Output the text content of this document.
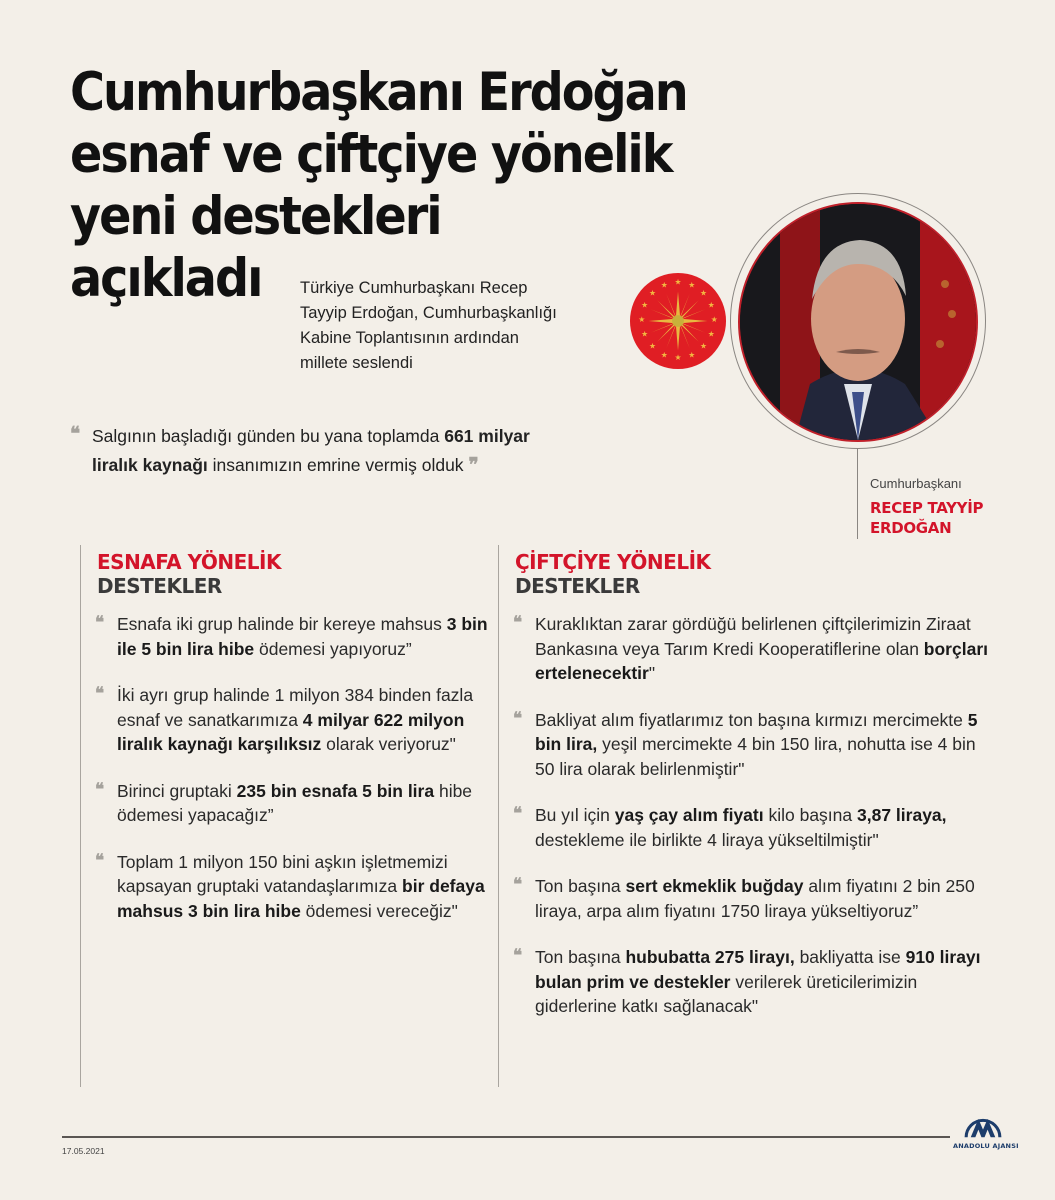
Cumhurbaşkanı Erdoğan
esnaf ve çiftçiye yönelik
yeni destekleri
açıkladı	Türkiye Cumhurbaşkanı Recep
Tayyip Erdoğan, Cumhurbaşkanlığı
Kabine Toplantısının ardından
millete seslendi
★ ★
★
★
★
★
★
★
★
★
★
★
★
★
★
★
Cumhurbaşkanı
RECEP TAYYİP
ERDOĞAN
❝ Salgının başladığı günden bu yana toplamda 661 milyar liralık kaynağı insanımızın emrine vermiş olduk ❞
ESNAFA YÖNELİK
DESTEKLER
❝ Esnafa iki grup halinde bir kereye mahsus 3 bin ile 5 bin lira hibe ödemesi yapıyoruz”
❝ İki ayrı grup halinde 1 milyon 384 binden fazla esnaf ve sanatkarımıza 4 milyar 622 milyon liralık kaynağı karşılıksız olarak veriyoruz"
❝ Birinci gruptaki 235 bin esnafa 5 bin lira hibe ödemesi yapacağız”
❝ Toplam 1 milyon 150 bini aşkın işletmemizi kapsayan gruptaki vatandaşlarımıza bir defaya mahsus 3 bin lira hibe ödemesi vereceğiz"
ÇİFTÇİYE YÖNELİK
DESTEKLER
❝ Kuraklıktan zarar gördüğü belirlenen çiftçilerimizin Ziraat Bankasına veya Tarım Kredi Kooperatiflerine olan borçları ertelenecektir"
❝ Bakliyat alım fiyatlarımız ton başına kırmızı mercimekte 5 bin lira, yeşil mercimekte 4 bin 150 lira, nohutta ise 4 bin 50 lira olarak belirlenmiştir"
❝ Bu yıl için yaş çay alım fiyatı kilo başına 3,87 liraya, destekleme ile birlikte 4 liraya yükseltilmiştir"
❝ Ton başına sert ekmeklik buğday alım fiyatını 2 bin 250 liraya, arpa alım fiyatını 1750 liraya yükseltiyoruz”
❝ Ton başına hububatta 275 lirayı, bakliyatta ise 910 lirayı bulan prim ve destekler verilerek üreticilerimizin giderlerine katkı sağlanacak"
17.05.2021	ANADOLU AJANSI
